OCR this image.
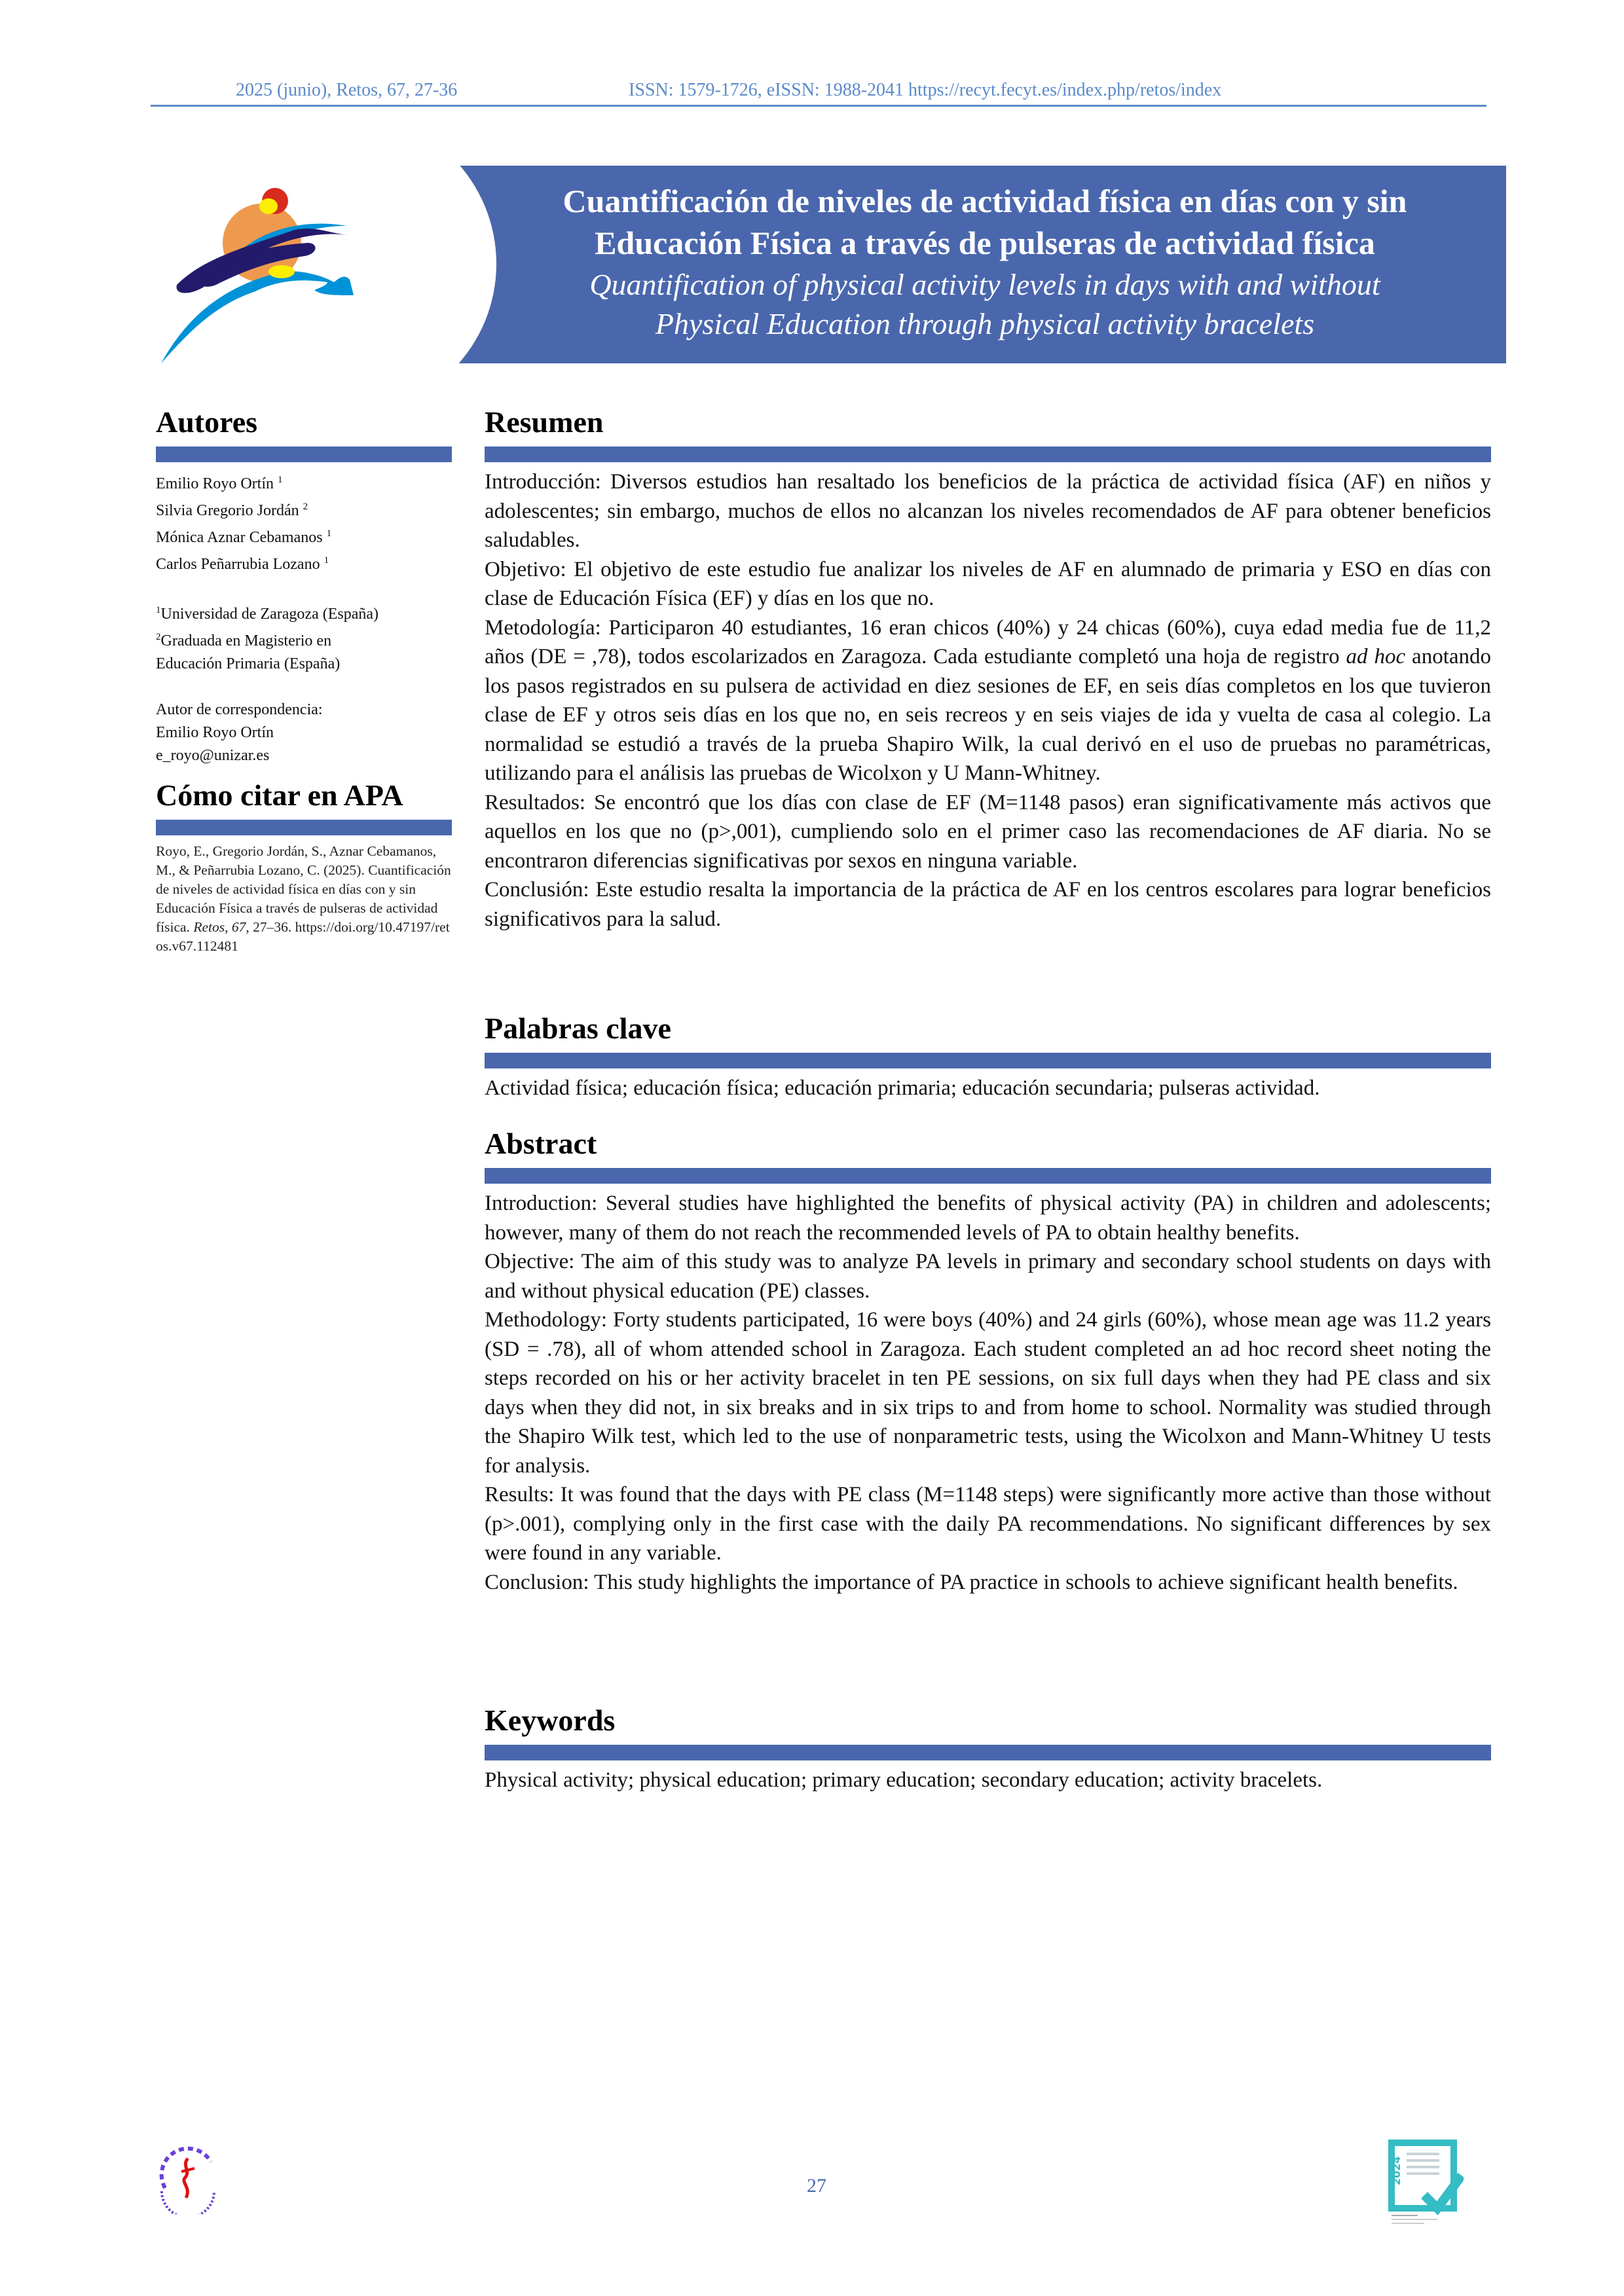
2025 (junio), Retos, 67, 27-36	ISSN: 1579-1726, eISSN: 1988-2041 https://recyt.fecyt.es/index.php/retos/index
Cuantificación de niveles de actividad física en días con y sin
Educación Física a través de pulseras de actividad física
Quantification of physical activity levels in days with and without
Physical Education through physical activity bracelets
Autores
Emilio Royo Ortín $^1$
Silvia Gregorio Jordán $^2$
Mónica Aznar Cebamanos $^1$
Carlos Peñarrubia Lozano $^1$
$^1$Universidad de Zaragoza (España)
$^2$Graduada en Magisterio en Educación Primaria (España)
Autor de correspondencia:
Emilio Royo Ortín
e_royo@unizar.es
Cómo citar en APA
Royo, E., Gregorio Jordán, S., Aznar Cebamanos, M., & Peñarrubia Lozano, C. (2025). Cuantificación de niveles de actividad física en días con y sin Educación Física a través de pulseras de actividad física. Retos, 67, 27–36. https://doi.org/10.47197/retos.v67.112481
Resumen

Introducción: Diversos estudios han resaltado los beneficios de la práctica de actividad física (AF) en niños y adolescentes; sin embargo, muchos de ellos no alcanzan los niveles recomendados de AF para obtener beneficios saludables.

Objetivo: El objetivo de este estudio fue analizar los niveles de AF en alumnado de primaria y ESO en días con clase de Educación Física (EF) y días en los que no.

Metodología: Participaron 40 estudiantes, 16 eran chicos (40%) y 24 chicas (60%), cuya edad media fue de 11,2 años (DE = ,78), todos escolarizados en Zaragoza. Cada estudiante completó una hoja de registro ad hoc anotando los pasos registrados en su pulsera de actividad en diez sesiones de EF, en seis días completos en los que tuvieron clase de EF y otros seis días en los que no, en seis recreos y en seis viajes de ida y vuelta de casa al colegio. La normalidad se estudió a través de la prueba Shapiro Wilk, la cual derivó en el uso de pruebas no paramétricas, utilizando para el análisis las pruebas de Wicolxon y U Mann-Whitney.

Resultados: Se encontró que los días con clase de EF (M=1148 pasos) eran significativamente más activos que aquellos en los que no (p>,001), cumpliendo solo en el primer caso las recomendaciones de AF diaria. No se encontraron diferencias significativas por sexos en ninguna variable.

Conclusión: Este estudio resalta la importancia de la práctica de AF en los centros escolares para lograr beneficios significativos para la salud.

Palabras clave

Actividad física; educación física; educación primaria; educación secundaria; pulseras actividad.

Abstract

Introduction: Several studies have highlighted the benefits of physical activity (PA) in children and adolescents; however, many of them do not reach the recommended levels of PA to obtain healthy benefits.

Objective: The aim of this study was to analyze PA levels in primary and secondary school students on days with and without physical education (PE) classes.

Methodology: Forty students participated, 16 were boys (40%) and 24 girls (60%), whose mean age was 11.2 years (SD = .78), all of whom attended school in Zaragoza. Each student completed an ad hoc record sheet noting the steps recorded on his or her activity bracelet in ten PE sessions, on six full days when they had PE class and six days when they did not, in six breaks and in six trips to and from home to school. Normality was studied through the Shapiro Wilk test, which led to the use of nonparametric tests, using the Wicolxon and Mann-Whitney U tests for analysis.

Results: It was found that the days with PE class (M=1148 steps) were significantly more active than those without (p>.001), complying only in the first case with the daily PA recommendations. No significant differences by sex were found in any variable.

Conclusion: This study highlights the importance of PA practice in schools to achieve significant health benefits.

Keywords

Physical activity; physical education; primary education; secondary education; activity bracelets.

27
2024
